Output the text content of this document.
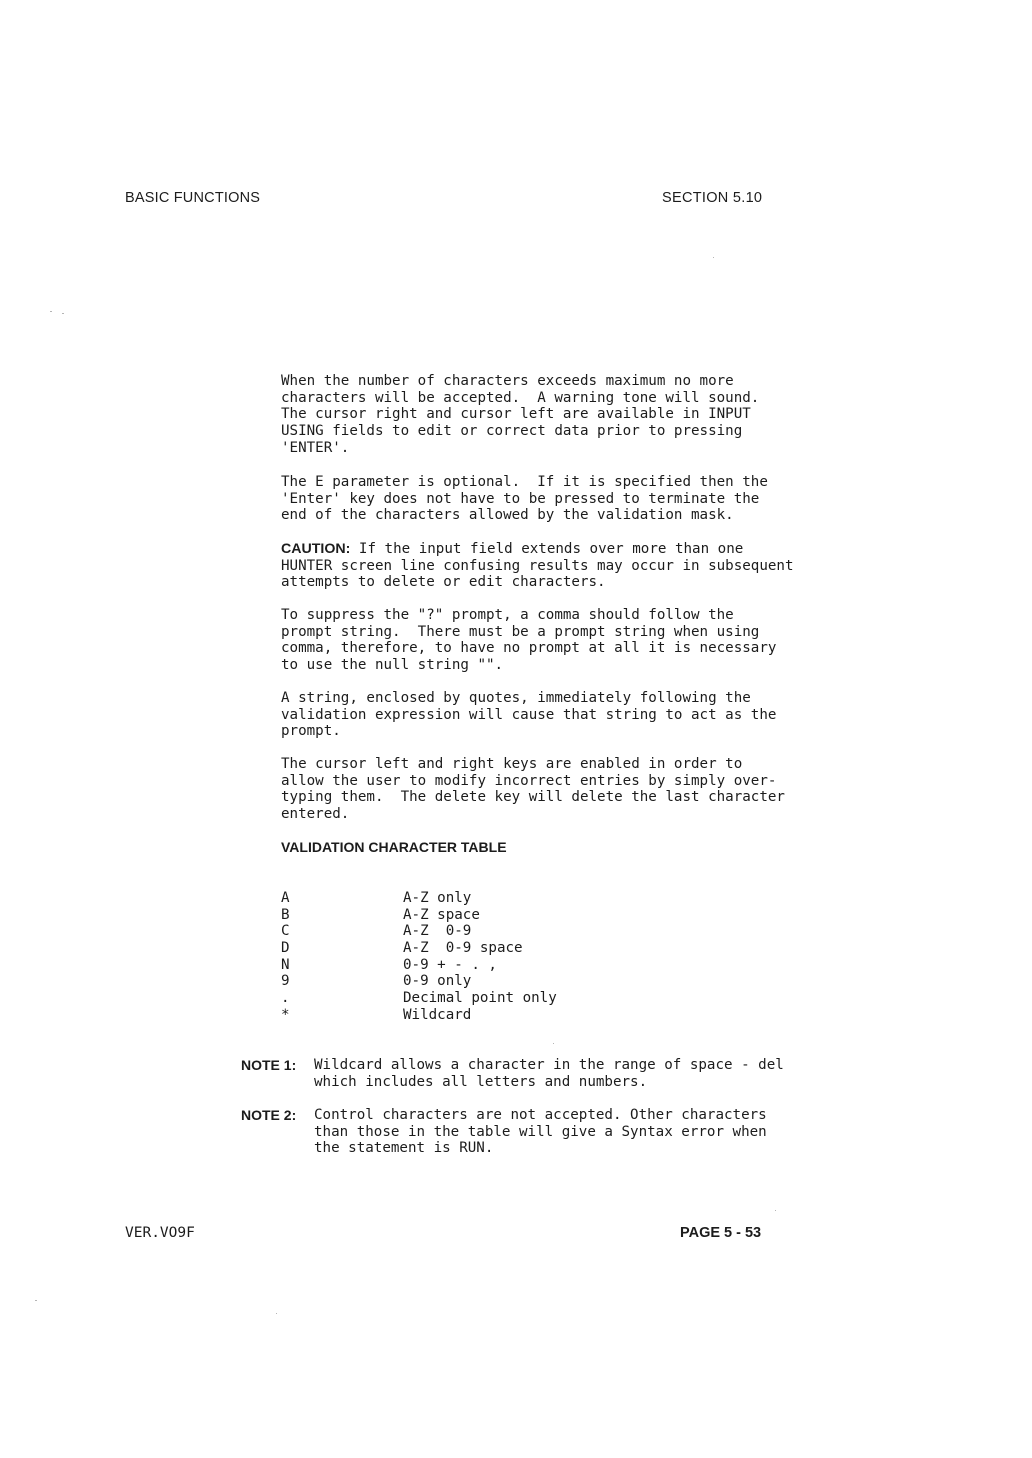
BASIC FUNCTIONS	SECTION 5.10
When the number of characters exceeds maximum no more
characters will be accepted.  A warning tone will sound.
The cursor right and cursor left are available in INPUT
USING fields to edit or correct data prior to pressing
'ENTER'.
The E parameter is optional.  If it is specified then the
'Enter' key does not have to be pressed to terminate the
end of the characters allowed by the validation mask.
CAUTION: If the input field extends over more than one
HUNTER screen line confusing results may occur in subsequent
attempts to delete or edit characters.
To suppress the "?" prompt, a comma should follow the
prompt string.  There must be a prompt string when using
comma, therefore, to have no prompt at all it is necessary
to use the null string "".
A string, enclosed by quotes, immediately following the
validation expression will cause that string to act as the
prompt.
The cursor left and right keys are enabled in order to
allow the user to modify incorrect entries by simply over-
typing them.  The delete key will delete the last character
entered.
VALIDATION CHARACTER TABLE
A	A-Z only
B	A-Z space
C	A-Z  0-9
D	A-Z  0-9 space
N	0-9 + - . ,
9	0-9 only
.	Decimal point only
*	Wildcard
NOTE 1: Wildcard allows a character in the range of space - del
which includes all letters and numbers.
NOTE 2: Control characters are not accepted. Other characters
than those in the table will give a Syntax error when
the statement is RUN.
VER.VO9F	PAGE 5 - 53
